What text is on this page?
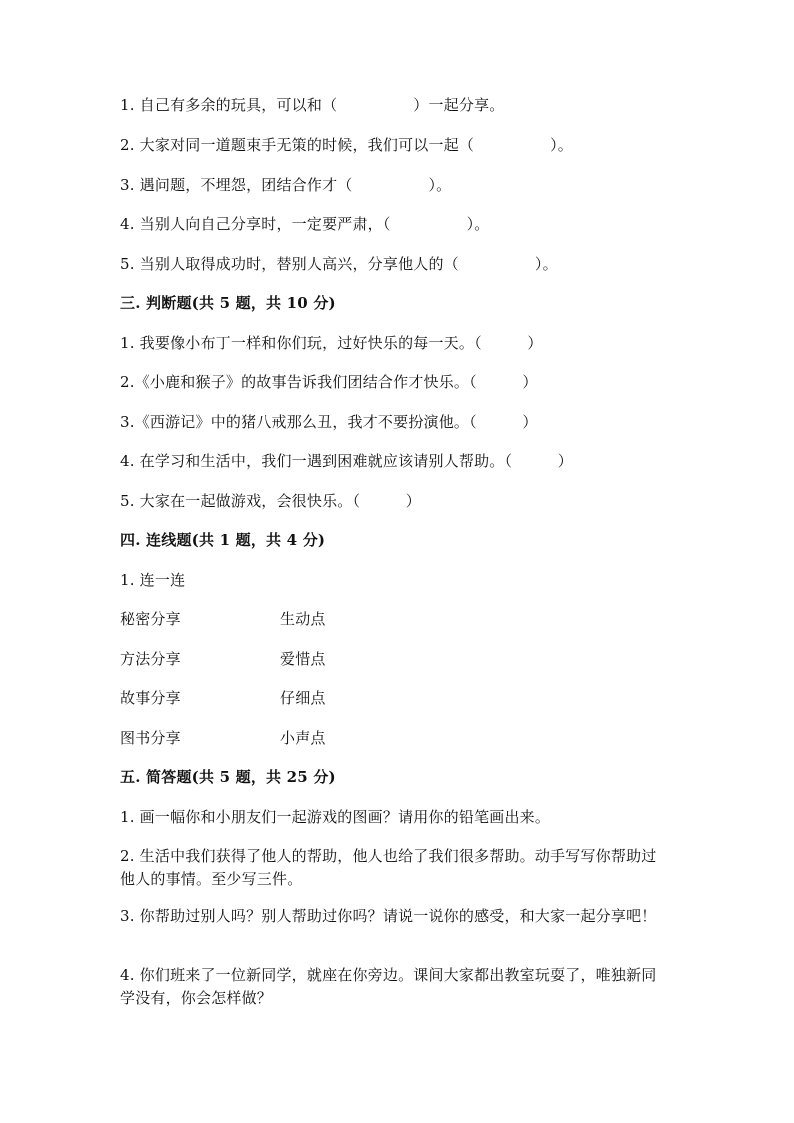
1. 自己有多余的玩具，可以和（　　　　　）一起分享。
2. 大家对同一道题束手无策的时候，我们可以一起（　　　　　）。
3. 遇问题，不埋怨，团结合作才（　　　　　）。
4. 当别人向自己分享时，一定要严肃，（　　　　　）。
5. 当别人取得成功时，替别人高兴，分享他人的（　　　　　）。
三. 判断题(共 5 题，共 10 分)
1. 我要像小布丁一样和你们玩，过好快乐的每一天。（　　　）
2.《小鹿和猴子》的故事告诉我们团结合作才快乐。（　　　）
3.《西游记》中的猪八戒那么丑，我才不要扮演他。（　　　）
4. 在学习和生活中，我们一遇到困难就应该请别人帮助。（　　　）
5. 大家在一起做游戏，会很快乐。（　　　）
四. 连线题(共 1 题，共 4 分)
1. 连一连
秘密分享	生动点
方法分享	爱惜点
故事分享	仔细点
图书分享	小声点
五. 简答题(共 5 题，共 25 分)
1. 画一幅你和小朋友们一起游戏的图画？请用你的铅笔画出来。
2. 生活中我们获得了他人的帮助，他人也给了我们很多帮助。动手写写你帮助过他人的事情。至少写三件。
3. 你帮助过别人吗？别人帮助过你吗？请说一说你的感受，和大家一起分享吧！
4. 你们班来了一位新同学，就座在你旁边。课间大家都出教室玩耍了，唯独新同学没有，你会怎样做？
